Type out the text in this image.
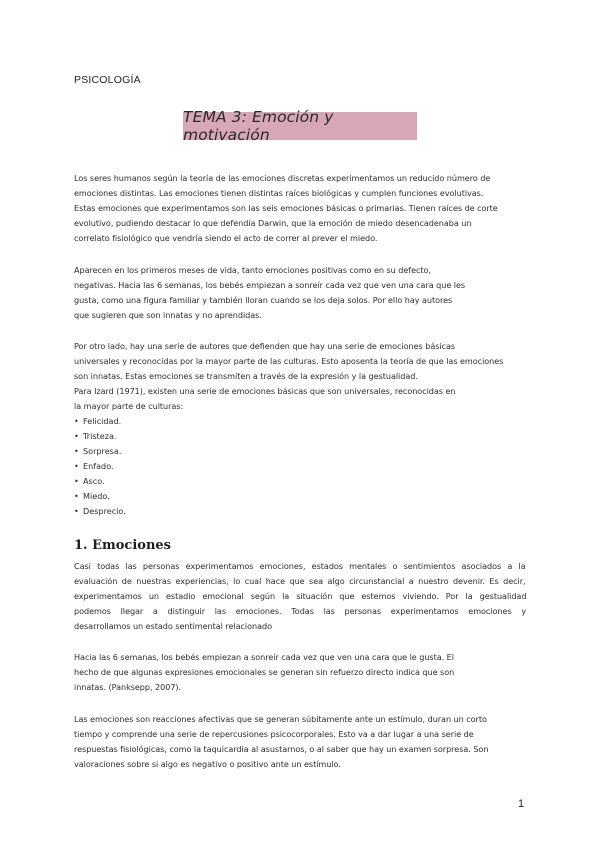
PSICOLOGÍA
TEMA 3: Emoción y motivación
Los seres humanos según la teoría de las emociones discretas experimentamos un reducido número de
emociones distintas. Las emociones tienen distintas raíces biológicas y cumplen funciones evolutivas.
Estas emociones que experimentamos son las seis emociones básicas o primarias. Tienen raíces de corte
evolutivo, pudiendo destacar lo que defendía Darwin, que la emoción de miedo desencadenaba un
correlato fisiológico que vendría siendo el acto de correr al prever el miedo.
Aparecen en los primeros meses de vida, tanto emociones positivas como en su defecto,
negativas. Hacia las 6 semanas, los bebés empiezan a sonreír cada vez que ven una cara que les
gusta, como una figura familiar y también lloran cuando se los deja solos. Por ello hay autores
que sugieren que son innatas y no aprendidas.
Por otro lado, hay una serie de autores que defienden que hay una serie de emociones básicas
universales y reconocidas por la mayor parte de las culturas. Esto aposenta la teoría de que las emociones
son innatas. Estas emociones se transmiten a través de la expresión y la gestualidad.
Para Izard (1971), existen una serie de emociones básicas que son universales, reconocidas en
la mayor parte de culturas:
• Felicidad.
• Tristeza.
• Sorpresa.
• Enfado.
• Asco.
• Miedo.
• Desprecio.
1. Emociones
Casi todas las personas experimentamos emociones, estados mentales o sentimientos asociados a la
evaluación de nuestras experiencias, lo cual hace que sea algo circunstancial a nuestro devenir. Es decir,
experimentamos un estadio emocional según la situación que estemos viviendo. Por la gestualidad
podemos llegar a distinguir las emociones. Todas las personas experimentamos emociones y
desarrollamos un estado sentimental relacionado
Hacia las 6 semanas, los bebés empiezan a sonreír cada vez que ven una cara que le gusta. El
hecho de que algunas expresiones emocionales se generan sin refuerzo directo indica que son
innatas. (Panksepp, 2007).
Las emociones son reacciones afectivas que se generan súbitamente ante un estímulo, duran un corto
tiempo y comprende una serie de repercusiones psicocorporales. Esto va a dar lugar a una serie de
respuestas fisiológicas, como la taquicardia al asustarnos, o al saber que hay un examen sorpresa. Son
valoraciones sobre si algo es negativo o positivo ante un estímulo.
1
